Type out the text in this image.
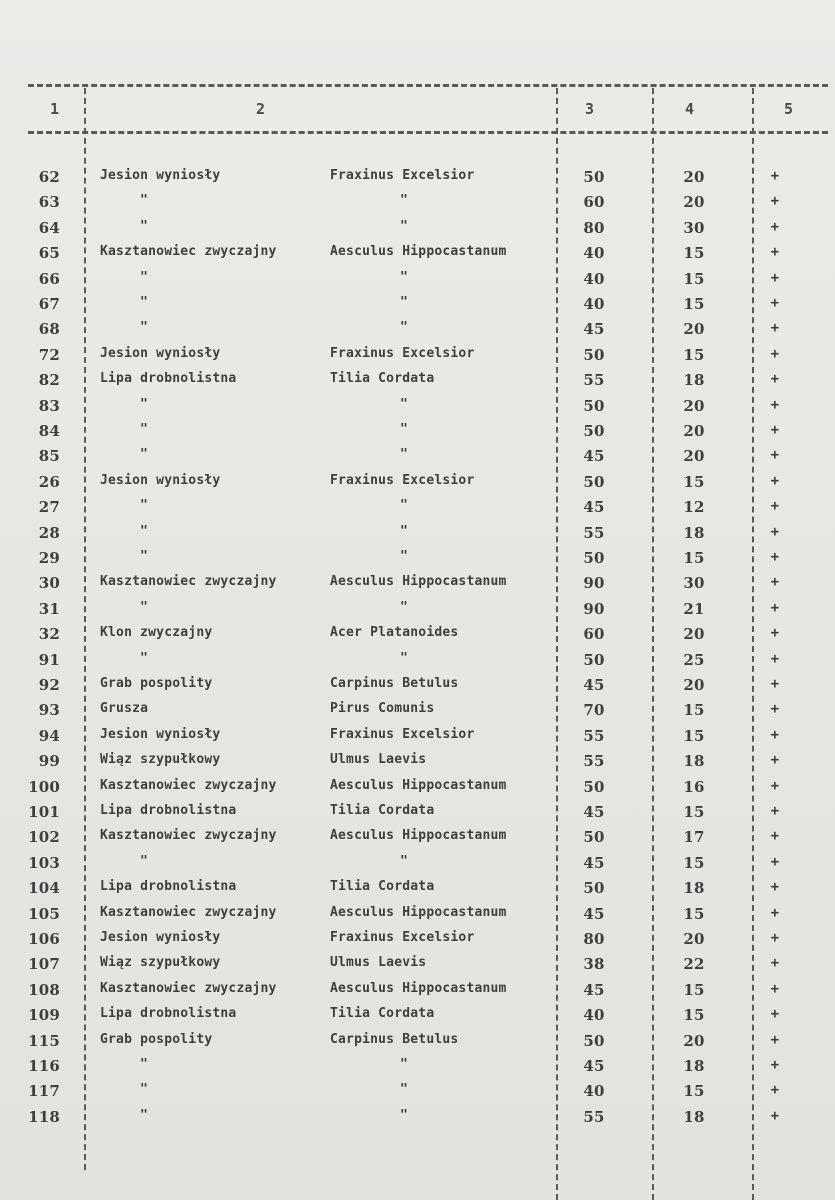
1	2	3	4	5
62	Jesion wyniosły	Fraxinus Excelsior	50	20	+
63	"	"	60	20	+
64	"	"	80	30	+
65	Kasztanowiec zwyczajny	Aesculus Hippocastanum	40	15	+
66	"	"	40	15	+
67	"	"	40	15	+
68	"	"	45	20	+
72	Jesion wyniosły	Fraxinus Excelsior	50	15	+
82	Lipa drobnolistna	Tilia Cordata	55	18	+
83	"	"	50	20	+
84	"	"	50	20	+
85	"	"	45	20	+
26	Jesion wyniosły	Fraxinus Excelsior	50	15	+
27	"	"	45	12	+
28	"	"	55	18	+
29	"	"	50	15	+
30	Kasztanowiec zwyczajny	Aesculus Hippocastanum	90	30	+
31	"	"	90	21	+
32	Klon zwyczajny	Acer Platanoides	60	20	+
91	"	"	50	25	+
92	Grab pospolity	Carpinus Betulus	45	20	+
93	Grusza	Pirus Comunis	70	15	+
94	Jesion wyniosły	Fraxinus Excelsior	55	15	+
99	Wiąz szypułkowy	Ulmus Laevis	55	18	+
100	Kasztanowiec zwyczajny	Aesculus Hippocastanum	50	16	+
101	Lipa drobnolistna	Tilia Cordata	45	15	+
102	Kasztanowiec zwyczajny	Aesculus Hippocastanum	50	17	+
103	"	"	45	15	+
104	Lipa drobnolistna	Tilia Cordata	50	18	+
105	Kasztanowiec zwyczajny	Aesculus Hippocastanum	45	15	+
106	Jesion wyniosły	Fraxinus Excelsior	80	20	+
107	Wiąz szypułkowy	Ulmus Laevis	38	22	+
108	Kasztanowiec zwyczajny	Aesculus Hippocastanum	45	15	+
109	Lipa drobnolistna	Tilia Cordata	40	15	+
115	Grab pospolity	Carpinus Betulus	50	20	+
116	"	"	45	18	+
117	"	"	40	15	+
118	"	"	55	18	+
